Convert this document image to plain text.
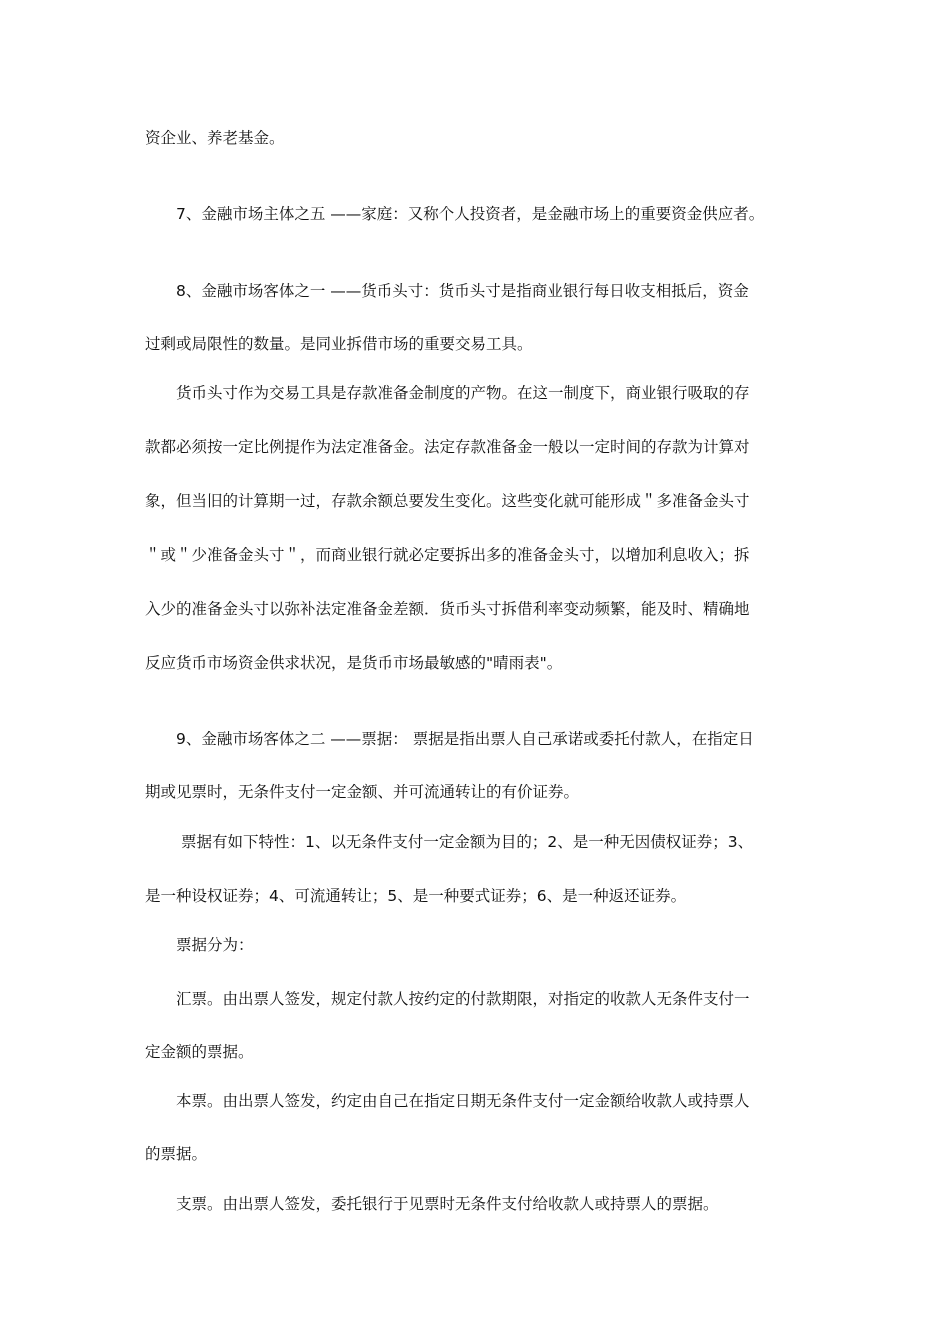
资企业、养老基金。
7、金融市场主体之五 ——家庭：又称个人投资者，是金融市场上的重要资金供应者。
8、金融市场客体之一 ——货币头寸：货币头寸是指商业银行每日收支相抵后，资金
过剩或局限性的数量。是同业拆借市场的重要交易工具。
货币头寸作为交易工具是存款准备金制度的产物。在这一制度下，商业银行吸取的存
款都必须按一定比例提作为法定准备金。法定存款准备金一般以一定时间的存款为计算对
象，但当旧的计算期一过，存款余额总要发生变化。这些变化就可能形成＂多准备金头寸
＂或＂少准备金头寸＂，而商业银行就必定要拆出多的准备金头寸，以增加利息收入；拆
入少的准备金头寸以弥补法定准备金差额．货币头寸拆借利率变动频繁，能及时、精确地
反应货币市场资金供求状况，是货币市场最敏感的"晴雨表"。
9、金融市场客体之二 ——票据： 票据是指出票人自己承诺或委托付款人，在指定日
期或见票时，无条件支付一定金额、并可流通转让的有价证券。
票据有如下特性：1、以无条件支付一定金额为目的；2、是一种无因债权证券；3、
是一种设权证券；4、可流通转让；5、是一种要式证券；6、是一种返还证券。
票据分为：
汇票。由出票人签发，规定付款人按约定的付款期限，对指定的收款人无条件支付一
定金额的票据。
本票。由出票人签发，约定由自己在指定日期无条件支付一定金额给收款人或持票人
的票据。
支票。由出票人签发，委托银行于见票时无条件支付给收款人或持票人的票据。
